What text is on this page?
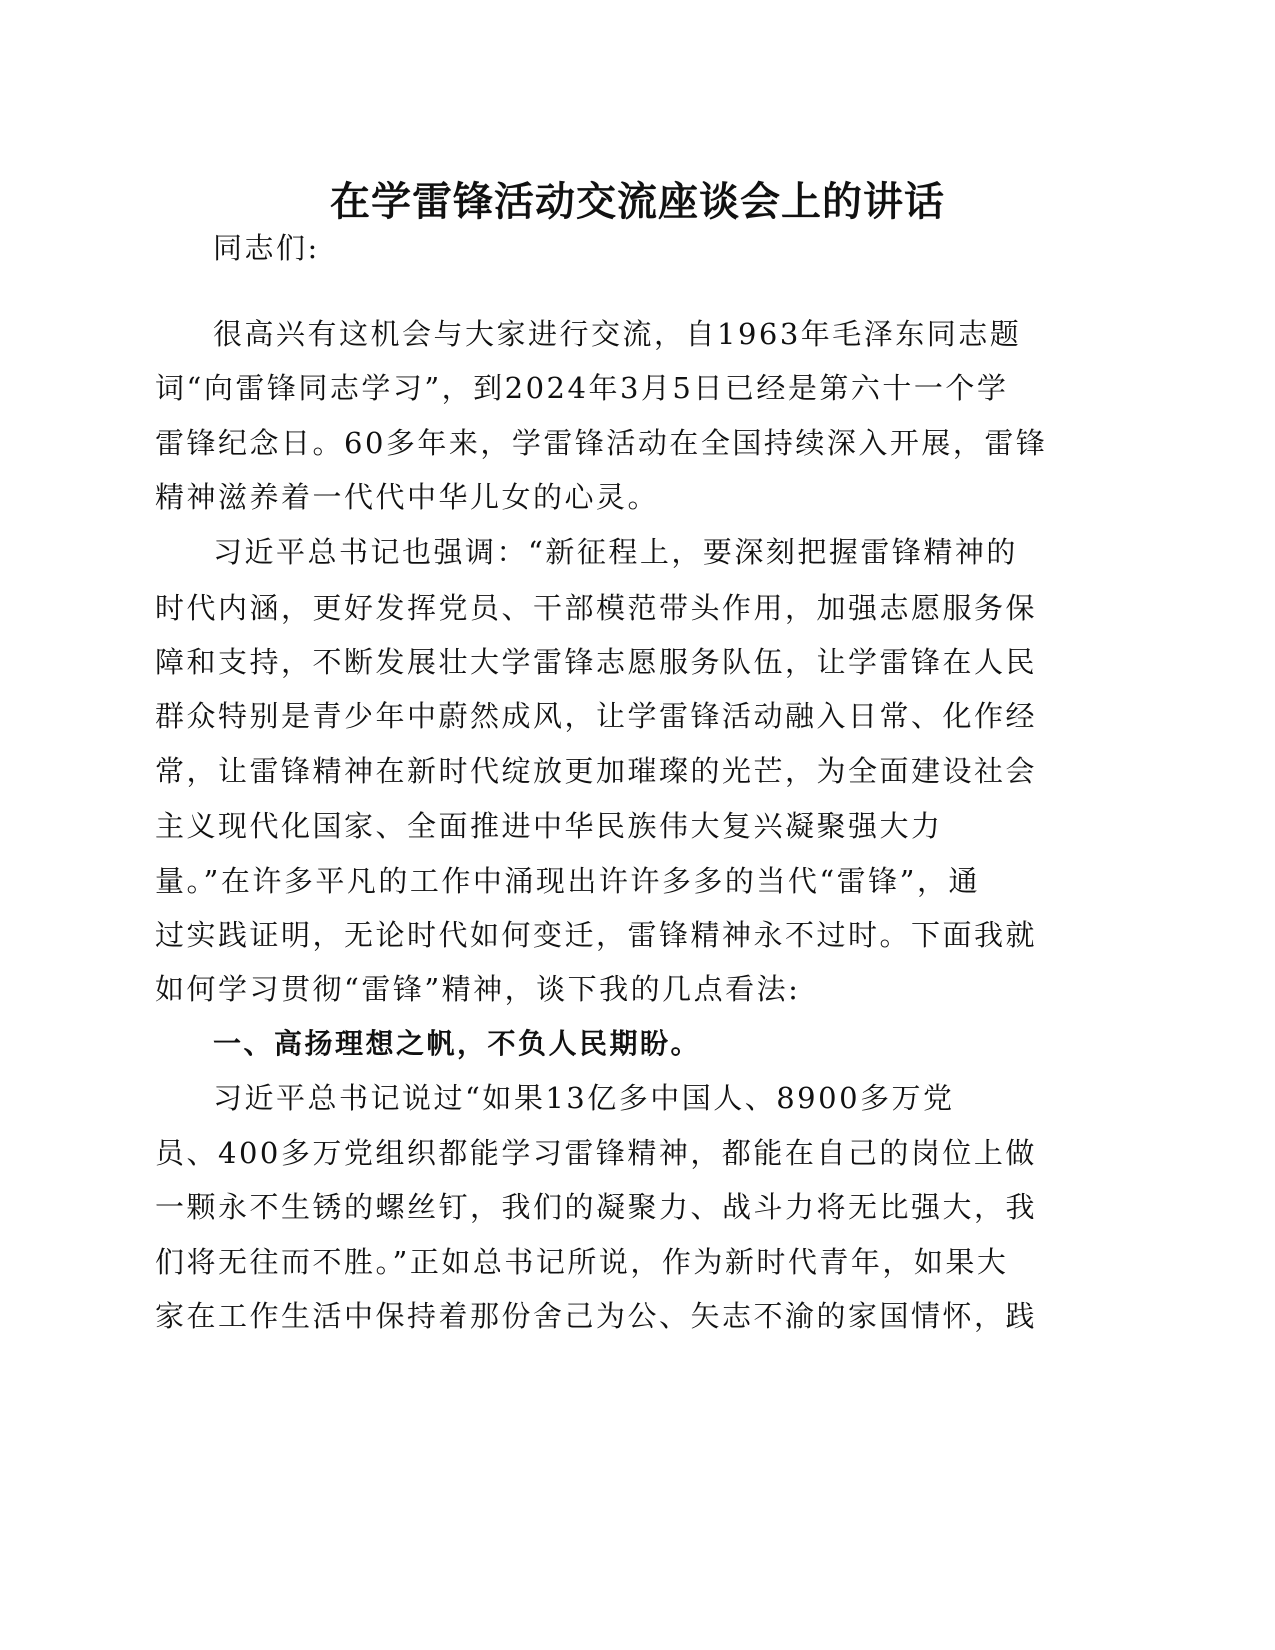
在学雷锋活动交流座谈会上的讲话
同志们:
很高兴有这机会与大家进行交流，自1963年毛泽东同志题
词“向雷锋同志学习”，到2024年3月5日已经是第六十一个学
雷锋纪念日。60多年来，学雷锋活动在全国持续深入开展，雷锋
精神滋养着一代代中华儿女的心灵。
习近平总书记也强调：“新征程上，要深刻把握雷锋精神的
时代内涵，更好发挥党员、干部模范带头作用，加强志愿服务保
障和支持，不断发展壮大学雷锋志愿服务队伍，让学雷锋在人民
群众特别是青少年中蔚然成风，让学雷锋活动融入日常、化作经
常，让雷锋精神在新时代绽放更加璀璨的光芒，为全面建设社会
主义现代化国家、全面推进中华民族伟大复兴凝聚强大力
量。”在许多平凡的工作中涌现出许许多多的当代“雷锋”，通
过实践证明，无论时代如何变迁，雷锋精神永不过时。下面我就
如何学习贯彻“雷锋”精神，谈下我的几点看法:
一、高扬理想之帆，不负人民期盼。
习近平总书记说过“如果13亿多中国人、8900多万党
员、400多万党组织都能学习雷锋精神，都能在自己的岗位上做
一颗永不生锈的螺丝钉，我们的凝聚力、战斗力将无比强大，我
们将无往而不胜。”正如总书记所说，作为新时代青年，如果大
家在工作生活中保持着那份舍己为公、矢志不渝的家国情怀，践
